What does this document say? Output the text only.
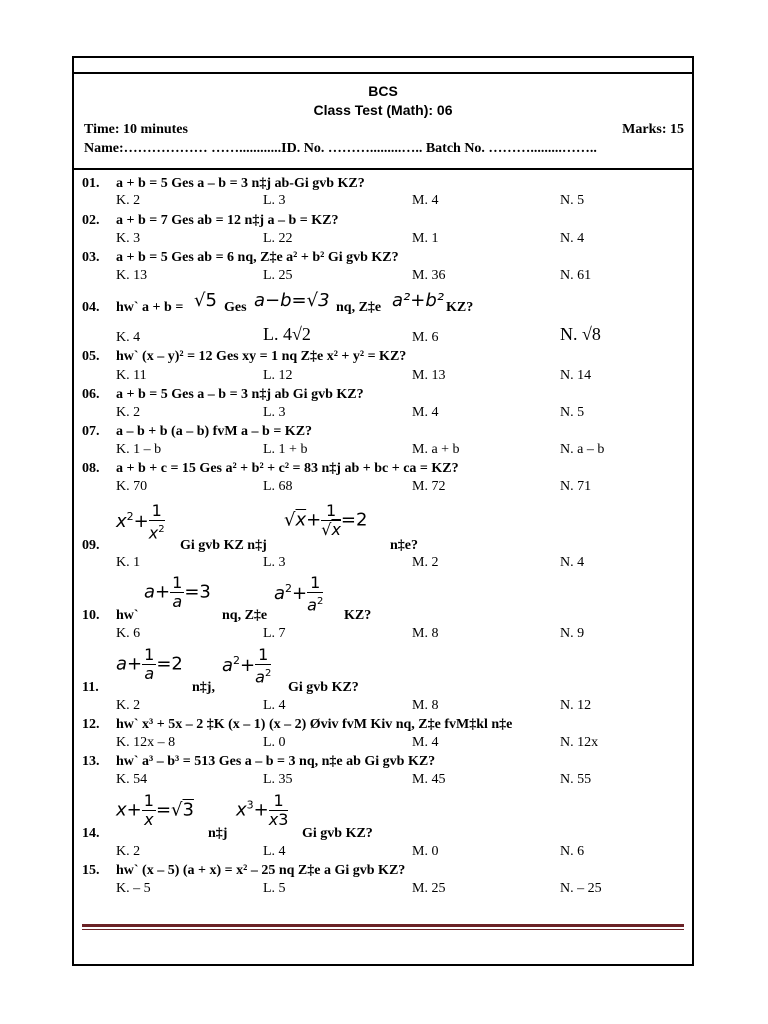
BCS
Class Test (Math): 06
Time: 10 minutes	Marks: 15
Name:……………… ……............ID. No. ……….........….. Batch No. ……….........……..
01. a + b = 5 Ges a – b = 3 n‡j ab-Gi gvb KZ?
K. 2	L. 3	M. 4	N. 5
02. a + b = 7 Ges ab = 12 n‡j a – b = KZ?
K. 3	L. 22	M. 1	N. 4
03. a + b = 5 Ges ab = 6 nq, Z‡e a² + b² Gi gvb KZ?
K. 13	L. 25	M. 36	N. 61
04. hw` a + b = √5 Ges a−b=√3 nq, Z‡e a²+b² KZ?
K. 4	L. 4√2	M. 6	N. √8
05. hw` (x – y)² = 12 Ges xy = 1 nq Z‡e x² + y² = KZ?
K. 11	L. 12	M. 13	N. 14
06. a + b = 5 Ges a – b = 3 n‡j ab Gi gvb KZ?
K. 2	L. 3	M. 4	N. 5
07. a – b + b (a – b) fvM a – b = KZ?
K. 1 – b	L. 1 + b	M. a + b	N. a – b
08. a + b + c = 15 Ges a² + b² + c² = 83 n‡j ab + bc + ca = KZ?
K. 70	L. 68	M. 72	N. 71
$x^2+ \frac{1}{x^2}$	$√x+ \frac{1}{√x} =2$
09.	Gi gvb KZ n‡j	n‡e?
K. 1	L. 3	M. 2	N. 4
$a+ \frac{1}{a} =3$	$a^2+ \frac{1}{a^2}$
10. hw`	nq, Z‡e	KZ?
K. 6	L. 7	M. 8	N. 9
$a+ \frac{1}{a} =2$ $a^2+ \frac{1}{a^2}$
11.	n‡j,	Gi gvb KZ?
K. 2	L. 4	M. 8	N. 12
12. hw` x³ + 5x – 2 ‡K (x – 1) (x – 2) Øviv fvM Kiv nq, Z‡e fvM‡kl n‡e
K. 12x – 8	L. 0	M. 4	N. 12x
13. hw` a³ – b³ = 513 Ges a – b = 3 nq, n‡e ab Gi gvb KZ?
K. 54	L. 35	M. 45	N. 55
$x+ \frac{1}{x} =√3$ $x^3+ \frac{1}{x3}$
14.	n‡j	Gi gvb KZ?
K. 2	L. 4	M. 0	N. 6
15. hw` (x – 5) (a + x) = x² – 25 nq Z‡e a Gi gvb KZ?
K. – 5	L. 5	M. 25	N. – 25
